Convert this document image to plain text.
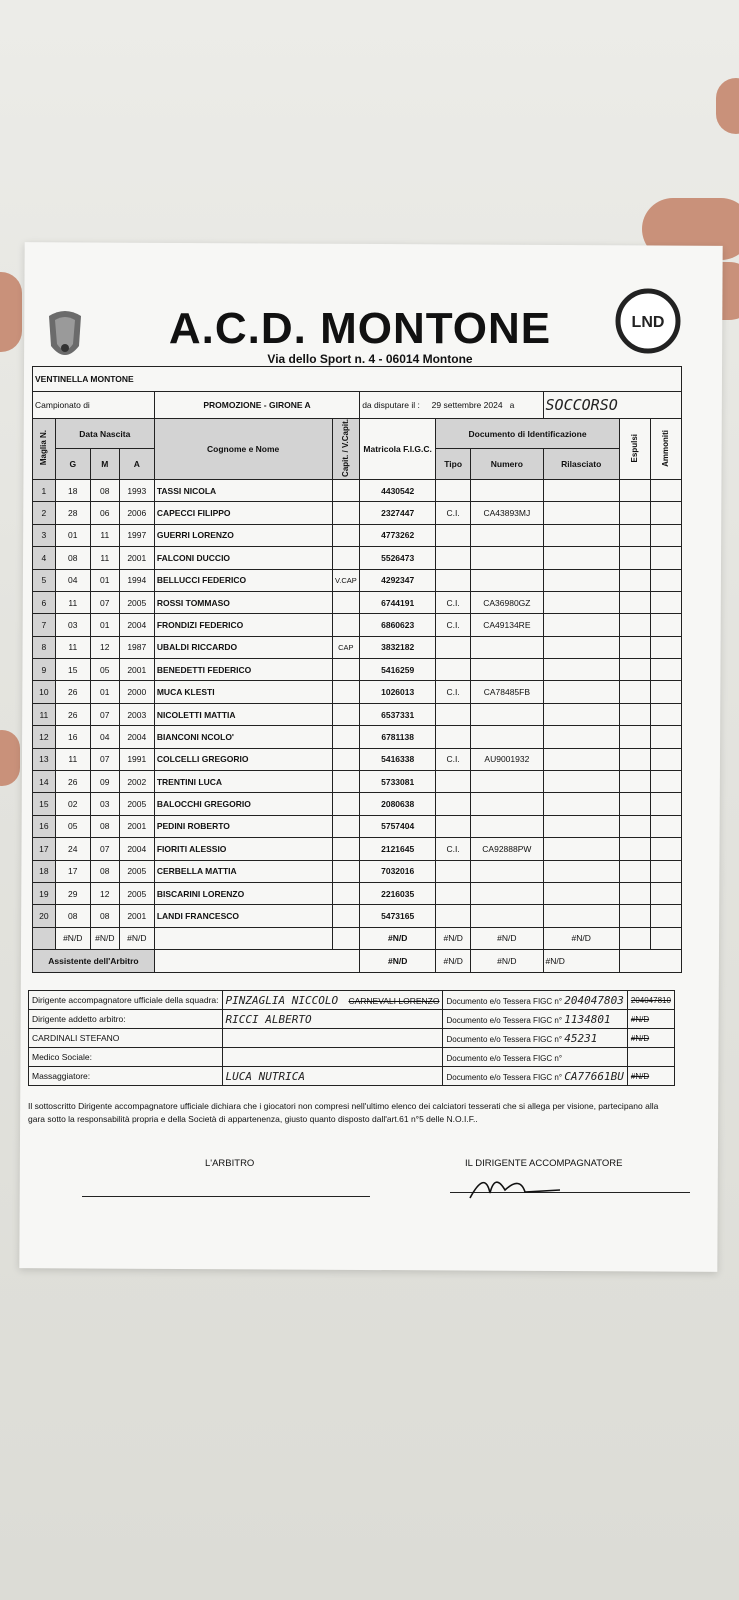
A.C.D. MONTONE
Via dello Sport n. 4 - 06014 Montone
LND
VENTINELLA MONTONE											
Campionato di				PROMOZIONE - GIRONE A		da disputare il : 29 settembre 2024 a			SOCCORSO		
Maglia N.	Data Nascita			Cognome e Nome	Capit. / V.Capit.	Matricola F.I.G.C.	Documento di Identificazione			Espulsi	Ammoniti
	G	M	A				Tipo	Numero	Rilasciato		
1	18	08	1993	TASSI NICOLA		4430542					
2	28	06	2006	CAPECCI FILIPPO		2327447	C.I.	CA43893MJ			
3	01	11	1997	GUERRI LORENZO		4773262					
4	08	11	2001	FALCONI DUCCIO		5526473					
5	04	01	1994	BELLUCCI FEDERICO	V.CAP	4292347					
6	11	07	2005	ROSSI TOMMASO		6744191	C.I.	CA36980GZ			
7	03	01	2004	FRONDIZI FEDERICO		6860623	C.I.	CA49134RE			
8	11	12	1987	UBALDI RICCARDO	CAP	3832182					
9	15	05	2001	BENEDETTI FEDERICO		5416259					
10	26	01	2000	MUCA KLESTI		1026013	C.I.	CA78485FB			
11	26	07	2003	NICOLETTI MATTIA		6537331					
12	16	04	2004	BIANCONI NCOLO'		6781138					
13	11	07	1991	COLCELLI GREGORIO		5416338	C.I.	AU9001932			
14	26	09	2002	TRENTINI LUCA		5733081					
15	02	03	2005	BALOCCHI GREGORIO		2080638					
16	05	08	2001	PEDINI ROBERTO		5757404					
17	24	07	2004	FIORITI ALESSIO		2121645	C.I.	CA92888PW			
18	17	08	2005	CERBELLA MATTIA		7032016					
19	29	12	2005	BISCARINI LORENZO		2216035					
20	08	08	2001	LANDI FRANCESCO		5473165					
	#N/D	#N/D	#N/D			#N/D	#N/D	#N/D	#N/D		
Assistente dell'Arbitro						#N/D	#N/D	#N/D	#N/D		
Dirigente accompagnatore ufficiale della squadra:	PINZAGLIA NICCOLO CARNEVALI LORENZO	Documento e/o Tessera FIGC n° 204047803	204047810
Dirigente addetto arbitro:	RICCI ALBERTO	Documento e/o Tessera FIGC n° 1134801	#N/D
CARDINALI STEFANO		Documento e/o Tessera FIGC n° 45231	#N/D
Medico Sociale:		Documento e/o Tessera FIGC n°	
Massaggiatore:	LUCA NUTRICA	Documento e/o Tessera FIGC n° CA77661BU	#N/D
Il sottoscritto Dirigente accompagnatore ufficiale dichiara che i giocatori non compresi nell'ultimo elenco dei calciatori tesserati che si allega per visione, partecipano alla gara sotto la responsabilità propria e della Società di appartenenza, giusto quanto disposto dall'art.61 n°5 delle N.O.I.F..
L'ARBITRO	IL DIRIGENTE ACCOMPAGNATORE
